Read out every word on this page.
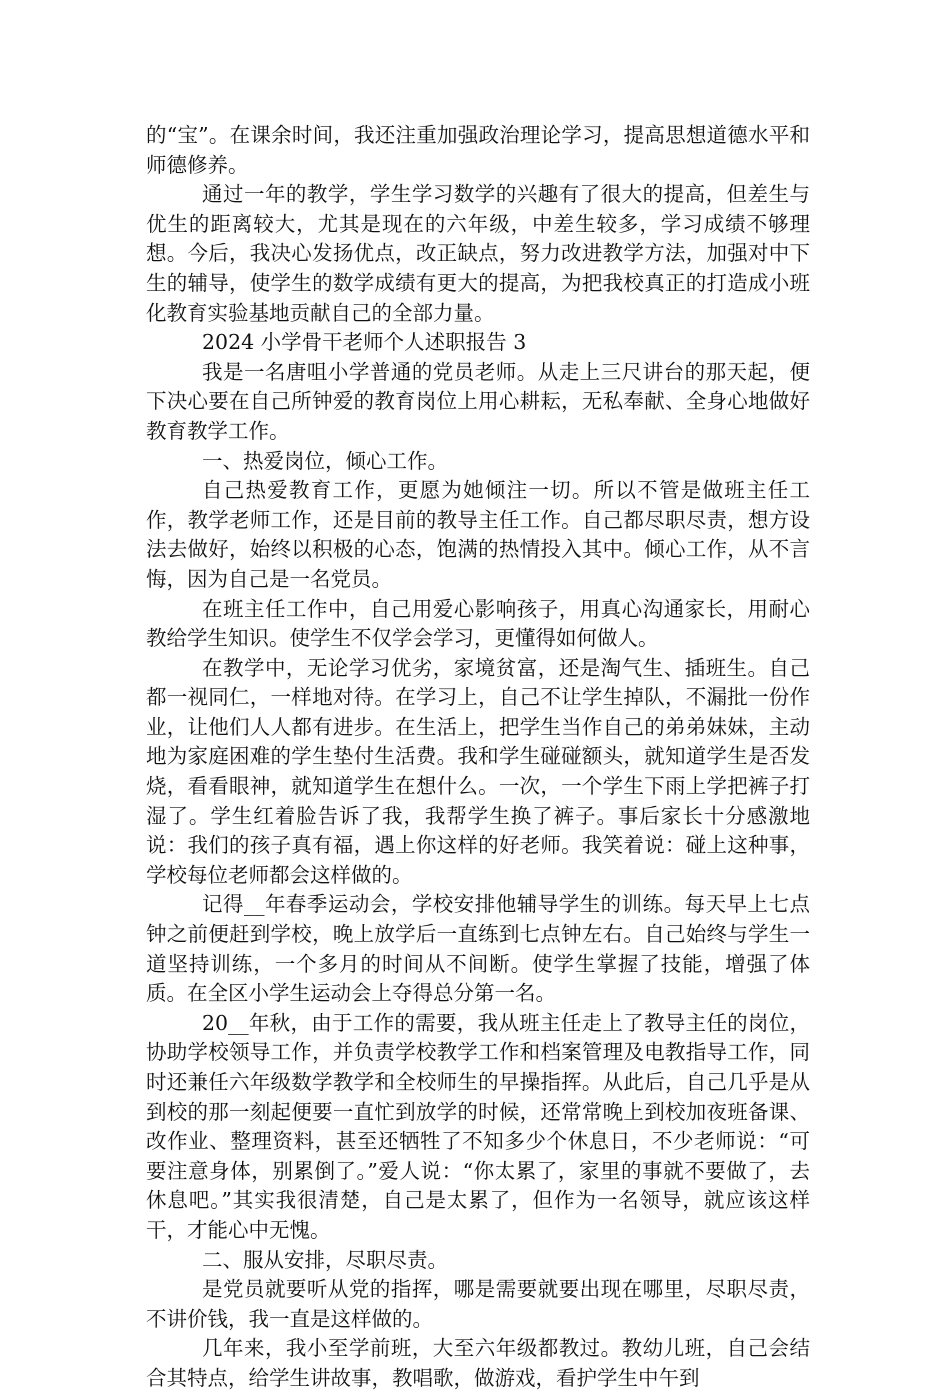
的“宝”。在课余时间，我还注重加强政治理论学习，提高思想道德水平和师德修养。

通过一年的教学，学生学习数学的兴趣有了很大的提高，但差生与优生的距离较大，尤其是现在的六年级，中差生较多，学习成绩不够理想。今后，我决心发扬优点，改正缺点，努力改进教学方法，加强对中下生的辅导，使学生的数学成绩有更大的提高，为把我校真正的打造成小班化教育实验基地贡献自己的全部力量。

2024 小学骨干老师个人述职报告 3

我是一名唐咀小学普通的党员老师。从走上三尺讲台的那天起，便下决心要在自己所钟爱的教育岗位上用心耕耘，无私奉献、全身心地做好教育教学工作。

一、热爱岗位，倾心工作。

自己热爱教育工作，更愿为她倾注一切。所以不管是做班主任工作，教学老师工作，还是目前的教导主任工作。自己都尽职尽责，想方设法去做好，始终以积极的心态，饱满的热情投入其中。倾心工作，从不言悔，因为自己是一名党员。

在班主任工作中，自己用爱心影响孩子，用真心沟通家长，用耐心教给学生知识。使学生不仅学会学习，更懂得如何做人。

在教学中，无论学习优劣，家境贫富，还是淘气生、插班生。自己都一视同仁，一样地对待。在学习上，自己不让学生掉队，不漏批一份作业，让他们人人都有进步。在生活上，把学生当作自己的弟弟妹妹，主动地为家庭困难的学生垫付生活费。我和学生碰碰额头，就知道学生是否发烧，看看眼神，就知道学生在想什么。一次，一个学生下雨上学把裤子打湿了。学生红着脸告诉了我，我帮学生换了裤子。事后家长十分感激地说：我们的孩子真有福，遇上你这样的好老师。我笑着说：碰上这种事，学校每位老师都会这样做的。

记得__年春季运动会，学校安排他辅导学生的训练。每天早上七点钟之前便赶到学校，晚上放学后一直练到七点钟左右。自己始终与学生一道坚持训练，一个多月的时间从不间断。使学生掌握了技能，增强了体质。在全区小学生运动会上夺得总分第一名。

20__年秋，由于工作的需要，我从班主任走上了教导主任的岗位，协助学校领导工作，并负责学校教学工作和档案管理及电教指导工作，同时还兼任六年级数学教学和全校师生的早操指挥。从此后，自己几乎是从到校的那一刻起便要一直忙到放学的时候，还常常晚上到校加夜班备课、改作业、整理资料，甚至还牺牲了不知多少个休息日，不少老师说：“可要注意身体，别累倒了。”爱人说：“你太累了，家里的事就不要做了，去休息吧。”其实我很清楚，自己是太累了，但作为一名领导，就应该这样干，才能心中无愧。

二、服从安排，尽职尽责。

是党员就要听从党的指挥，哪是需要就要出现在哪里，尽职尽责，不讲价钱，我一直是这样做的。

几年来，我小至学前班，大至六年级都教过。教幼儿班，自己会结合其特点，给学生讲故事，教唱歌，做游戏，看护学生中午到
